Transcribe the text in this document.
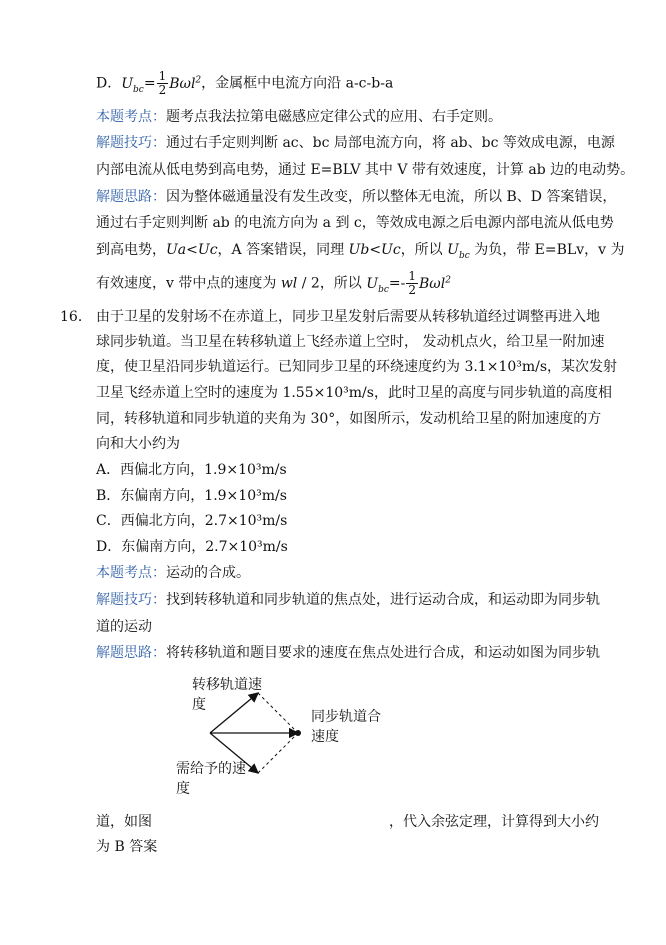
D．$U_{bc}= \frac{1}{2} B\omega l^2$，金属框中电流方向沿 a-c-b-a
本题考点：题考点我法拉第电磁感应定律公式的应用、右手定则。
解题技巧：通过右手定则判断 ac、bc 局部电流方向，将 ab、bc 等效成电源，电源
内部电流从低电势到高电势，通过 E=BLV 其中 V 带有效速度，计算 ab 边的电动势。
解题思路：因为整体磁通量没有发生改变，所以整体无电流，所以 B、D 答案错误，
通过右手定则判断 ab 的电流方向为 a 到 c，等效成电源之后电源内部电流从低电势
到高电势，Ua<Uc，A 答案错误，同理 Ub<Uc，所以 $U_{bc}$ 为负，带 E=BLv，v 为
有效速度，v 带中点的速度为 wl / 2，所以 $U_{bc}=- \frac{1}{2} B\omega l^2$
16． 由于卫星的发射场不在赤道上，同步卫星发射后需要从转移轨道经过调整再进入地
球同步轨道。当卫星在转移轨道上飞经赤道上空时， 发动机点火，给卫星一附加速
度，使卫星沿同步轨道运行。已知同步卫星的环绕速度约为 3.1×10³m/s，某次发射
卫星飞经赤道上空时的速度为 1.55×10³m/s，此时卫星的高度与同步轨道的高度相
同，转移轨道和同步轨道的夹角为 30°，如图所示，发动机给卫星的附加速度的方
向和大小约为
A．西偏北方向，1.9×10³m/s
B．东偏南方向，1.9×10³m/s
C．西偏北方向，2.7×10³m/s
D．东偏南方向，2.7×10³m/s
本题考点：运动的合成。
解题技巧：找到转移轨道和同步轨道的焦点处，进行运动合成，和运动即为同步轨
道的运动
解题思路：将转移轨道和题目要求的速度在焦点处进行合成，和运动如图为同步轨
转移轨道速
度
同步轨道合
速度
需给予的速
度
道，如图	，代入余弦定理，计算得到大小约
为 B 答案
